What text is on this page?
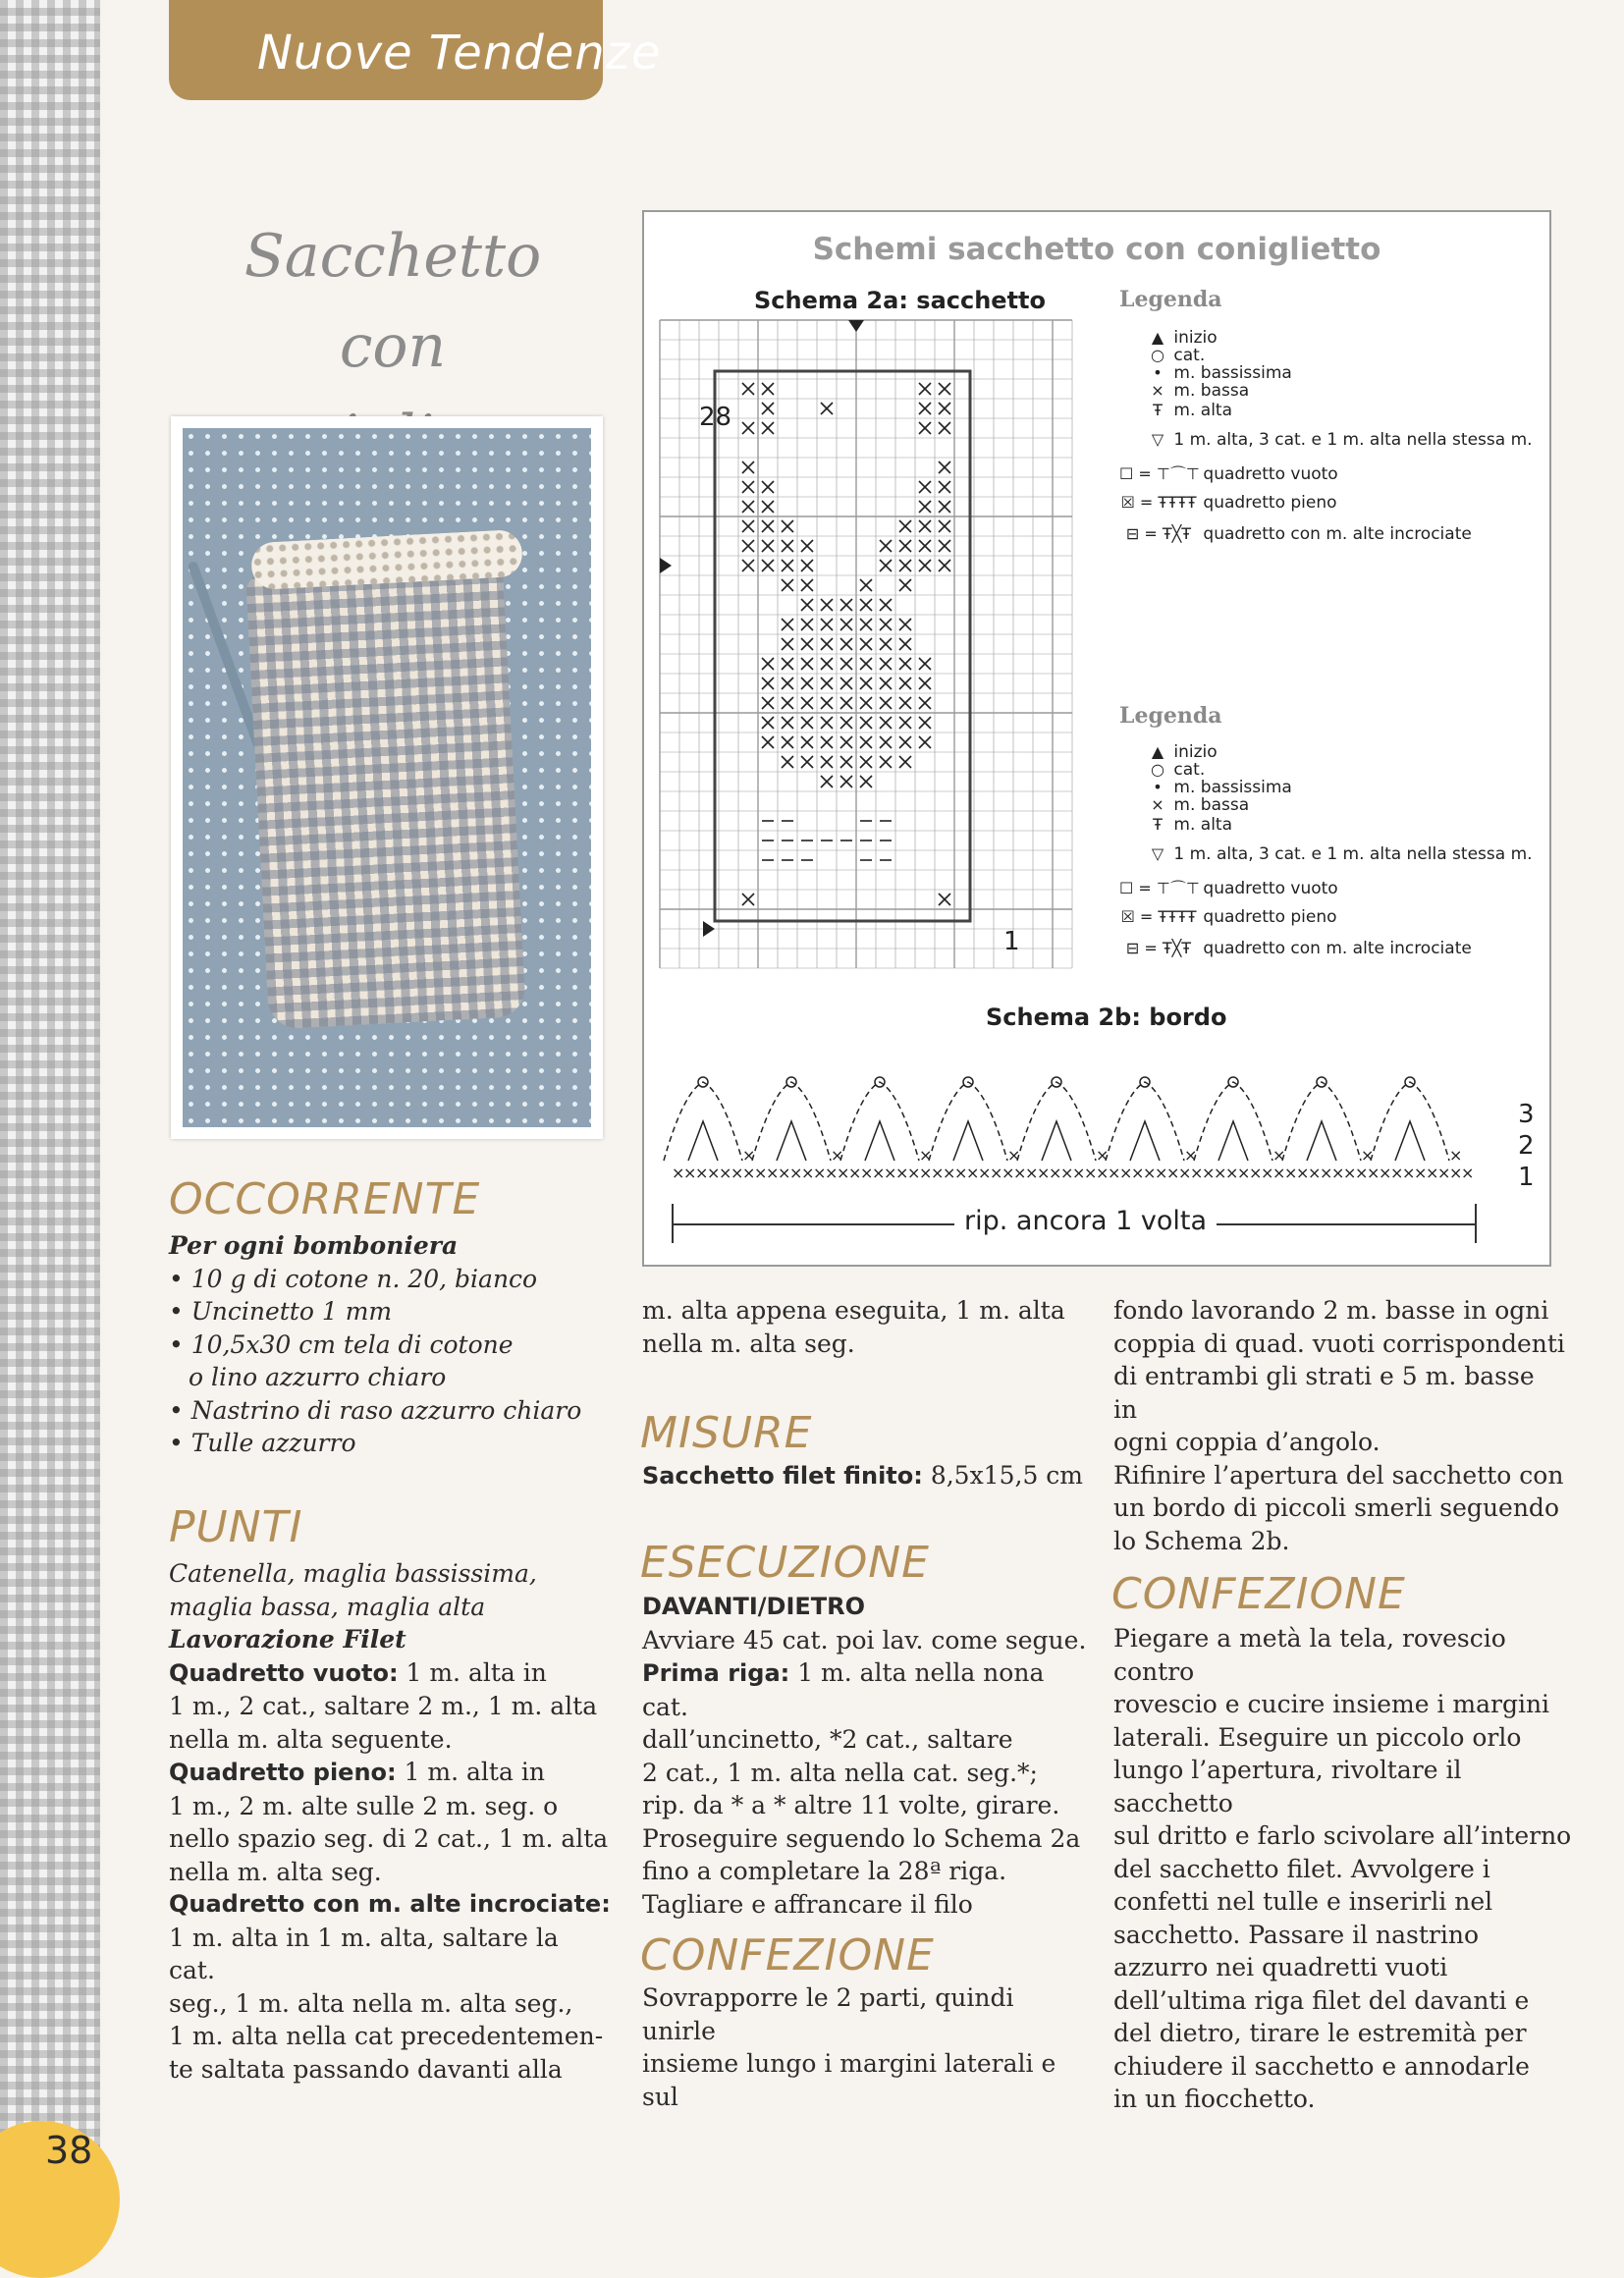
Nuove Tendenze
Sacchetto
con
OCCORRENTE

Per ogni bomboniera

• 10 g di cotone n. 20, bianco

• Uncinetto 1 mm

• 10,5x30 cm tela di cotone

o lino azzurro chiaro

• Nastrino di raso azzurro chiaro

• Tulle azzurro

PUNTI

Catenella, maglia bassissima,

maglia bassa, maglia alta

Lavorazione Filet

Quadretto vuoto: 1 m. alta in

1 m., 2 cat., saltare 2 m., 1 m. alta

nella m. alta seguente.

Quadretto pieno: 1 m. alta in

1 m., 2 m. alte sulle 2 m. seg. o

nello spazio seg. di 2 cat., 1 m. alta

nella m. alta seg.

Quadretto con m. alte incrociate:

1 m. alta in 1 m. alta, saltare la cat.

seg., 1 m. alta nella m. alta seg.,

1 m. alta nella cat precedentemen-

te saltata passando davanti alla

Schemi sacchetto con coniglietto
Schema 2a: sacchetto
28
1
Legenda
▲ inizio
○ cat.
• m. bassissima
× m. bassa
Ŧ m. alta
▽ 1 m. alta, 3 cat. e 1 m. alta nella stessa m.
☐ = ⊤⌒⊤ quadretto vuoto
☒ = ŦŦŦŦ quadretto pieno
⊟ = Ŧ╳Ŧ quadretto con m. alte incrociate
Legenda
▲ inizio
○ cat.
• m. bassissima
× m. bassa
Ŧ m. alta
▽ 1 m. alta, 3 cat. e 1 m. alta nella stessa m.
☐ = ⊤⌒⊤ quadretto vuoto
☒ = ŦŦŦŦ quadretto pieno
⊟ = Ŧ╳Ŧ quadretto con m. alte incrociate
Schema 2b: bordo
×
×
×
×
×
×
×
×
×
×
×
×
×
×
×
×
×
×
×
×
×
×
×
×
×
×
×
×
×
×
×
×
×
×
×
×
×
×
×
×
×
×
×
×
×
×
×
×
×
×
×
×
×
×
×
×
×
×
×
×
×
×
×
×
×
×
×
×
×	×	×	×	×	×	×	×	×
3
2
1
rip. ancora 1 volta

m. alta appena eseguita, 1 m. alta

nella m. alta seg.

MISURE

Sacchetto filet finito: 8,5x15,5 cm

ESECUZIONE

DAVANTI/DIETRO

Avviare 45 cat. poi lav. come segue.

Prima riga: 1 m. alta nella nona cat.

dall’uncinetto, *2 cat., saltare

2 cat., 1 m. alta nella cat. seg.*;

rip. da * a * altre 11 volte, girare.

Proseguire seguendo lo Schema 2a

fino a completare la 28ª riga.

Tagliare e affrancare il filo

CONFEZIONE

Sovrapporre le 2 parti, quindi unirle

insieme lungo i margini laterali e sul

fondo lavorando 2 m. basse in ogni

coppia di quad. vuoti corrispondenti

di entrambi gli strati e 5 m. basse in

ogni coppia d’angolo.

Rifinire l’apertura del sacchetto con

un bordo di piccoli smerli seguendo

lo Schema 2b.

CONFEZIONE

Piegare a metà la tela, rovescio contro

rovescio e cucire insieme i margini

laterali. Eseguire un piccolo orlo

lungo l’apertura, rivoltare il sacchetto

sul dritto e farlo scivolare all’interno

del sacchetto filet. Avvolgere i

confetti nel tulle e inserirli nel

sacchetto. Passare il nastrino

azzurro nei quadretti vuoti

dell’ultima riga filet del davanti e

del dietro, tirare le estremità per

chiudere il sacchetto e annodarle

in un fiocchetto.

38
